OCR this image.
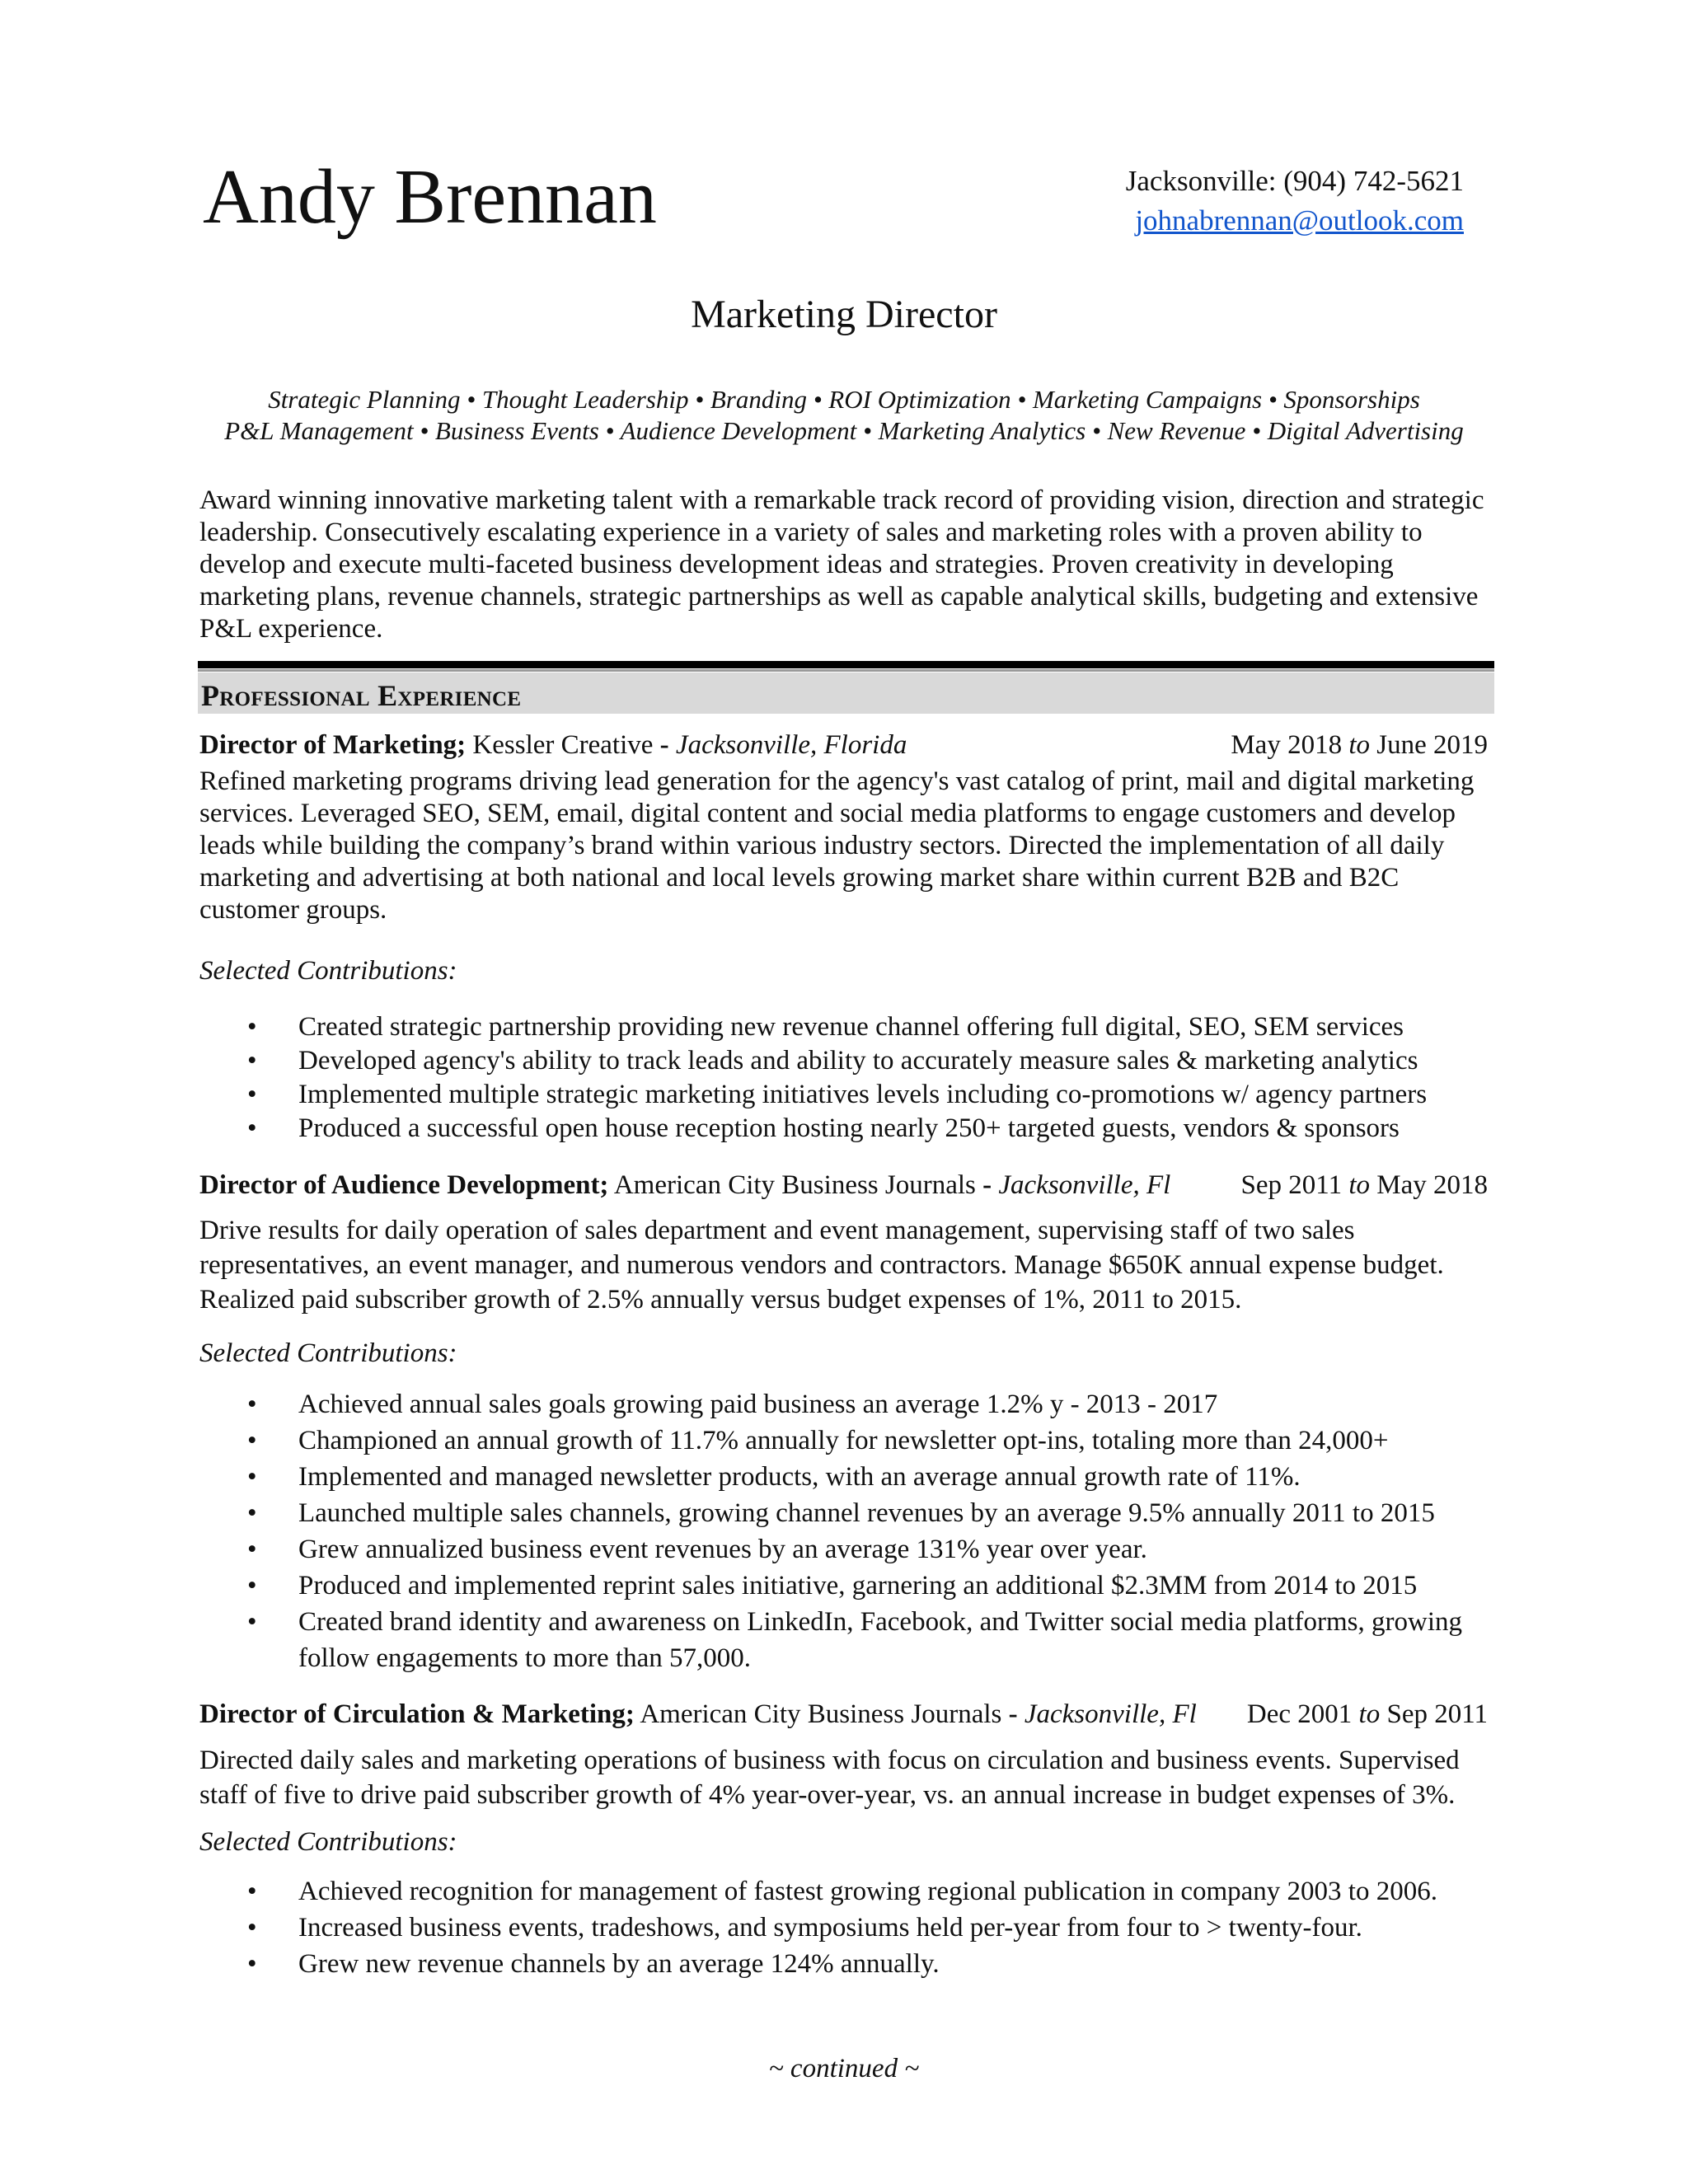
Andy Brennan	Jacksonville: (904) 742-5621
johnabrennan@outlook.com
Marketing Director
Strategic Planning • Thought Leadership • Branding • ROI Optimization • Marketing Campaigns • Sponsorships
P&L Management • Business Events • Audience Development • Marketing Analytics • New Revenue • Digital Advertising
Award winning innovative marketing talent with a remarkable track record of providing vision, direction and strategic leadership. Consecutively escalating experience in a variety of sales and marketing roles with a proven ability to develop and execute multi-faceted business development ideas and strategies. Proven creativity in developing marketing plans, revenue channels, strategic partnerships as well as capable analytical skills, budgeting and extensive P&L experience.
Professional Experience
Director of Marketing; Kessler Creative - Jacksonville, Florida	May 2018 to June 2019
Refined marketing programs driving lead generation for the agency's vast catalog of print, mail and digital marketing services. Leveraged SEO, SEM, email, digital content and social media platforms to engage customers and develop leads while building the company’s brand within various industry sectors. Directed the implementation of all daily marketing and advertising at both national and local levels growing market share within current B2B and B2C customer groups.
Selected Contributions:
• Created strategic partnership providing new revenue channel offering full digital, SEO, SEM services
• Developed agency's ability to track leads and ability to accurately measure sales & marketing analytics
• Implemented multiple strategic marketing initiatives levels including co-promotions w/ agency partners
• Produced a successful open house reception hosting nearly 250+ targeted guests, vendors & sponsors
Director of Audience Development; American City Business Journals - Jacksonville, Fl	Sep 2011 to May 2018
Drive results for daily operation of sales department and event management, supervising staff of two sales representatives, an event manager, and numerous vendors and contractors. Manage $650K annual expense budget. Realized paid subscriber growth of 2.5% annually versus budget expenses of 1%, 2011 to 2015.
Selected Contributions:
• Achieved annual sales goals growing paid business an average 1.2% y - 2013 - 2017
• Championed an annual growth of 11.7% annually for newsletter opt-ins, totaling more than 24,000+
• Implemented and managed newsletter products, with an average annual growth rate of 11%.
• Launched multiple sales channels, growing channel revenues by an average 9.5% annually 2011 to 2015
• Grew annualized business event revenues by an average 131% year over year.
• Produced and implemented reprint sales initiative, garnering an additional $2.3MM from 2014 to 2015
• Created brand identity and awareness on LinkedIn, Facebook, and Twitter social media platforms, growing follow engagements to more than 57,000.
Director of Circulation & Marketing; American City Business Journals - Jacksonville, Fl Dec 2001 to Sep 2011
Directed daily sales and marketing operations of business with focus on circulation and business events. Supervised staff of five to drive paid subscriber growth of 4% year-over-year, vs. an annual increase in budget expenses of 3%.
Selected Contributions:
• Achieved recognition for management of fastest growing regional publication in company 2003 to 2006.
• Increased business events, tradeshows, and symposiums held per-year from four to > twenty-four.
• Grew new revenue channels by an average 124% annually.
~ continued ~
